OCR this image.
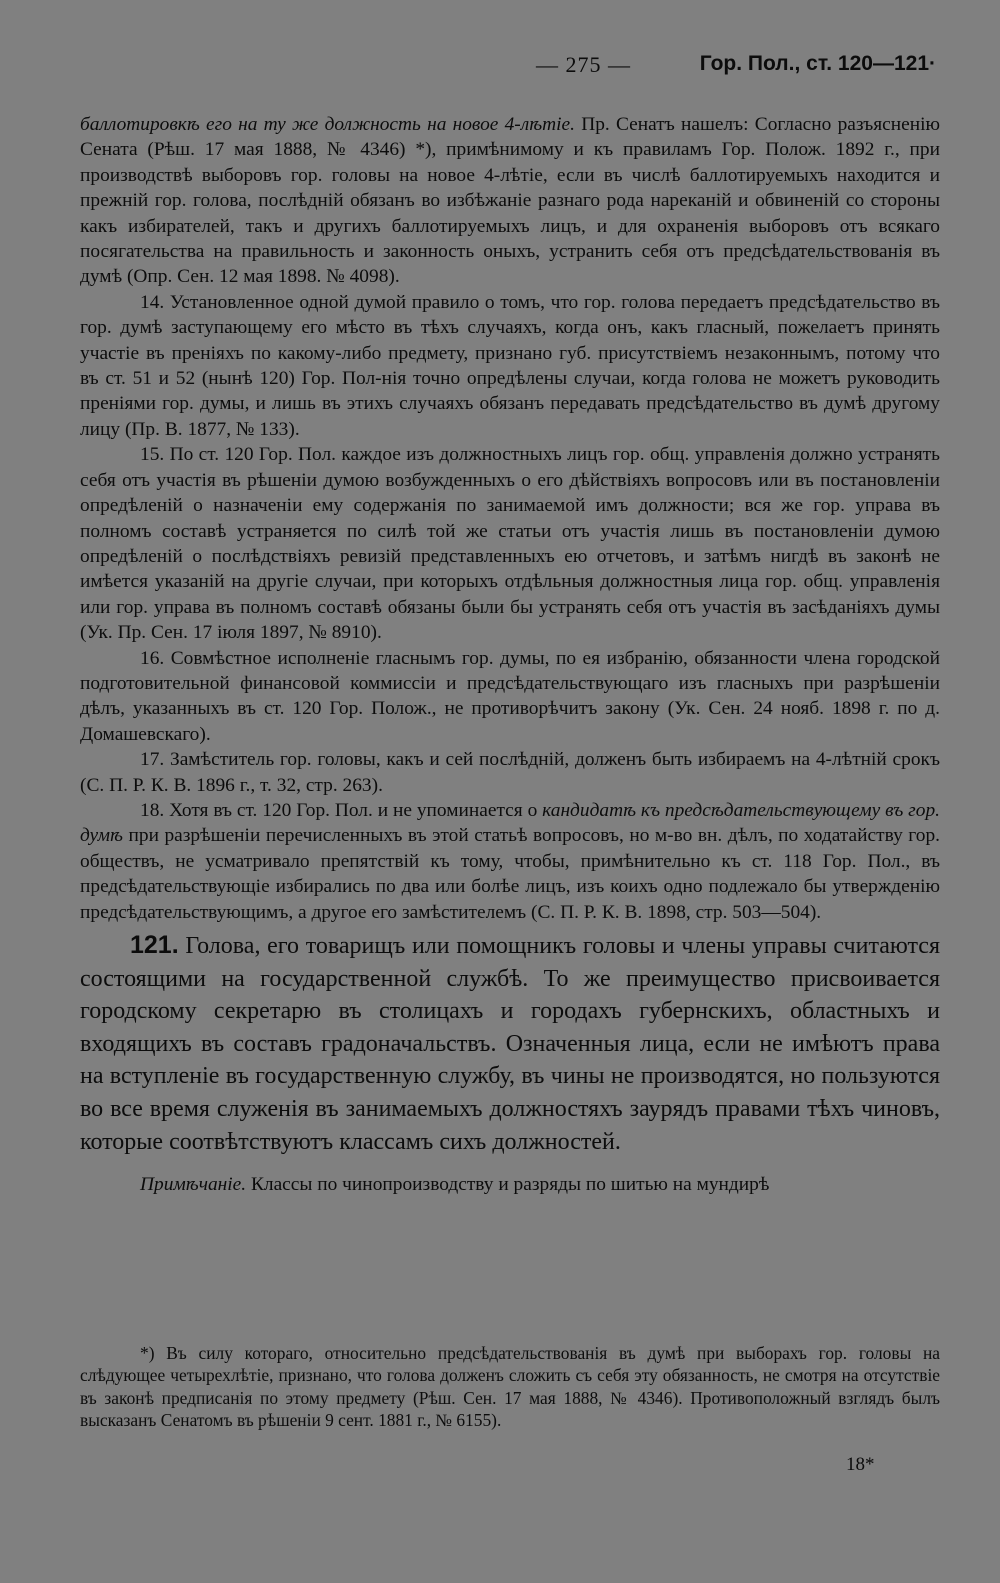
— 275 —	Гор. Пол., ст. 120—121·

баллотировкѣ его на ту же должность на новое 4-лѣтіе. Пр. Сенатъ нашелъ: Согласно разъясненію Сената (Рѣш. 17 мая 1888, № 4346) *), примѣнимому и къ правиламъ Гор. Полож. 1892 г., при производствѣ выборовъ гор. головы на новое 4-лѣтіе, если въ числѣ баллотируемыхъ находится и прежній гор. голова, послѣдній обязанъ во избѣжаніе разнаго рода нареканій и обвиненій со стороны какъ избирателей, такъ и другихъ баллотируемыхъ лицъ, и для охраненія выборовъ отъ всякаго посягательства на правильность и законность оныхъ, устранить себя отъ предсѣдательствованія въ думѣ (Опр. Сен. 12 мая 1898. № 4098).

14. Установленное одной думой правило о томъ, что гор. голова передаетъ предсѣдательство въ гор. думѣ заступающему его мѣсто въ тѣхъ случаяхъ, когда онъ, какъ гласный, пожелаетъ принять участіе въ преніяхъ по какому-либо предмету, признано губ. присутствіемъ незаконнымъ, потому что въ ст. 51 и 52 (нынѣ 120) Гор. Пол-нія точно опредѣлены случаи, когда голова не можетъ руководить преніями гор. думы, и лишь въ этихъ случаяхъ обязанъ передавать предсѣдательство въ думѣ другому лицу (Пр. В. 1877, № 133).

15. По ст. 120 Гор. Пол. каждое изъ должностныхъ лицъ гор. общ. управленія должно устранять себя отъ участія въ рѣшеніи думою возбужденныхъ о его дѣйствіяхъ вопросовъ или въ постановленіи опредѣленій о назначеніи ему содержанія по занимаемой имъ должности; вся же гор. управа въ полномъ составѣ устраняется по силѣ той же статьи отъ участія лишь въ постановленіи думою опредѣленій о послѣдствіяхъ ревизій представленныхъ ею отчетовъ, и затѣмъ нигдѣ въ законѣ не имѣется указаній на другіе случаи, при которыхъ отдѣльныя должностныя лица гор. общ. управленія или гор. управа въ полномъ составѣ обязаны были бы устранять себя отъ участія въ засѣданіяхъ думы (Ук. Пр. Сен. 17 іюля 1897, № 8910).

16. Совмѣстное исполненіе гласнымъ гор. думы, по ея избранію, обязанности члена городской подготовительной финансовой коммиссіи и предсѣдательствующаго изъ гласныхъ при разрѣшеніи дѣлъ, указанныхъ въ ст. 120 Гор. Полож., не противорѣчитъ закону (Ук. Сен. 24 нояб. 1898 г. по д. Домашевскаго).

17. Замѣститель гор. головы, какъ и сей послѣдній, долженъ быть избираемъ на 4-лѣтній срокъ (С. П. Р. К. В. 1896 г., т. 32, стр. 263).

18. Хотя въ ст. 120 Гор. Пол. и не упоминается о кандидатѣ къ предсѣдательствующему въ гор. думѣ при разрѣшеніи перечисленныхъ въ этой статьѣ вопросовъ, но м-во вн. дѣлъ, по ходатайству гор. обществъ, не усматривало препятствій къ тому, чтобы, примѣнительно къ ст. 118 Гор. Пол., въ предсѣдательствующіе избирались по два или болѣе лицъ, изъ коихъ одно подлежало бы утвержденію предсѣдательствующимъ, а другое его замѣстителемъ (С. П. Р. К. В. 1898, стр. 503—504).

121. Голова, его товарищъ или помощникъ головы и члены управы считаются состоящими на государственной службѣ. То же преимущество присвоивается городскому секретарю въ столицахъ и городахъ губернскихъ, областныхъ и входящихъ въ составъ градоначальствъ. Означенныя лица, если не имѣютъ права на вступленіе въ государственную службу, въ чины не производятся, но пользуются во все время служенія въ занимаемыхъ должностяхъ заурядъ правами тѣхъ чиновъ, которые соотвѣтствуютъ классамъ сихъ должностей.

Примѣчаніе. Классы по чинопроизводству и разряды по шитью на мундирѣ

*) Въ силу котораго, относительно предсѣдательствованія въ думѣ при выборахъ гор. головы на слѣдующее четырехлѣтіе, признано, что голова долженъ сложить съ себя эту обязанность, не смотря на отсутствіе въ законѣ предписанія по этому предмету (Рѣш. Сен. 17 мая 1888, № 4346). Противоположный взглядъ былъ высказанъ Сенатомъ въ рѣшеніи 9 сент. 1881 г., № 6155).

18*
